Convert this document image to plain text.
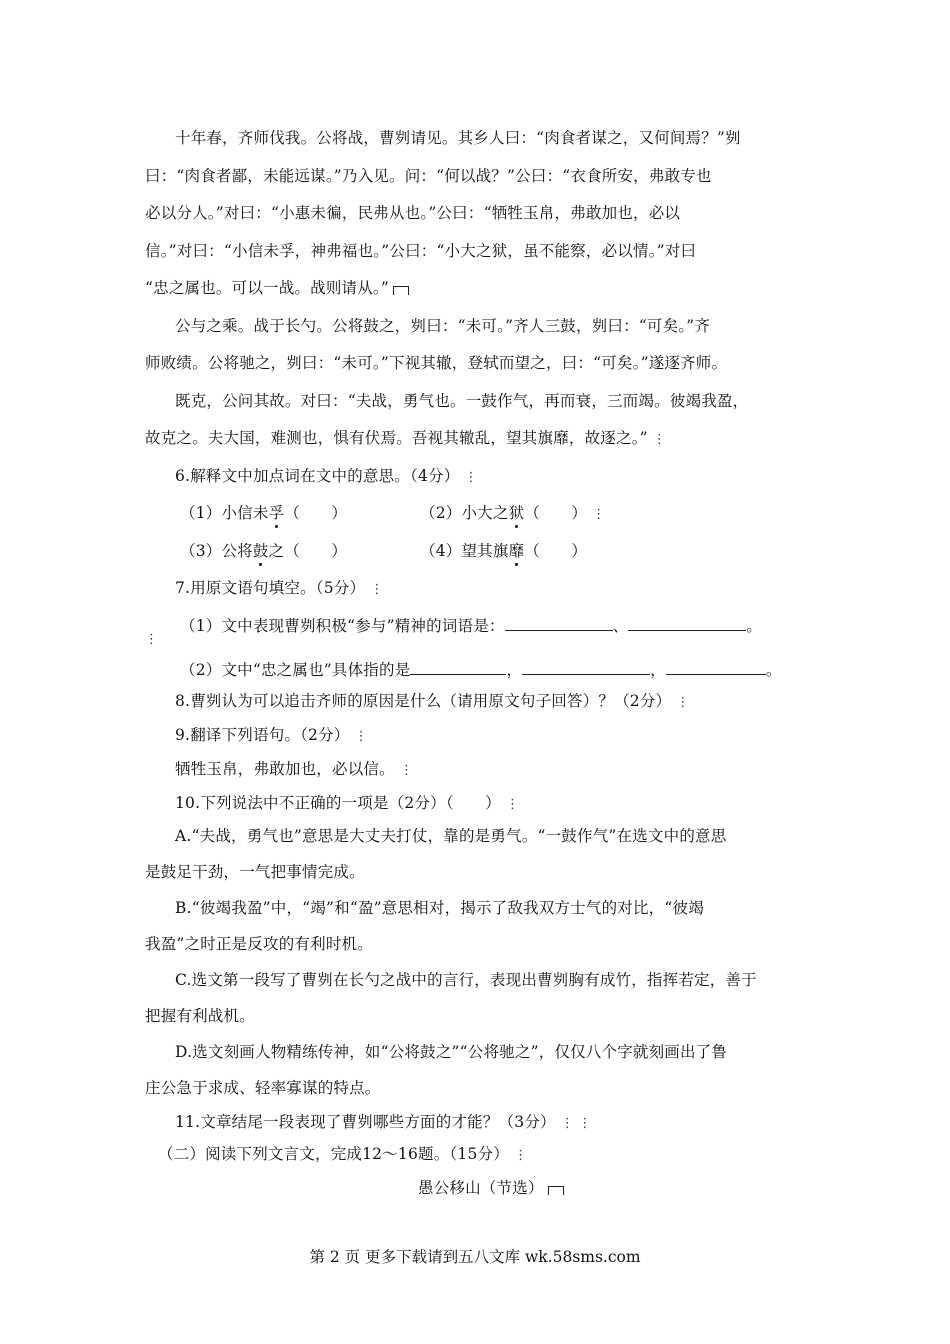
十年春，齐师伐我。公将战，曹刿请见。其乡人曰：“肉食者谋之，又何间焉？”刿
曰：“肉食者鄙，未能远谋。”乃入见。问：“何以战？”公曰：“衣食所安，弗敢专也
必以分人。”对曰：“小惠未徧，民弗从也。”公曰：“牺牲玉帛，弗敢加也，必以
信。”对曰：“小信未孚，神弗福也。”公曰：“小大之狱，虽不能察，必以情。”对曰
“忠之属也。可以一战。战则请从。”
公与之乘。战于长勺。公将鼓之，刿曰：“未可。”齐人三鼓，刿曰：“可矣。”齐
师败绩。公将驰之，刿曰：“未可。”下视其辙，登轼而望之，曰：“可矣。”遂逐齐师。
既克，公问其故。对曰：“夫战，勇气也。一鼓作气，再而衰，三而竭。彼竭我盈，
故克之。夫大国，难测也，惧有伏焉。吾视其辙乱，望其旗靡，故逐之。” ⋮
6.解释文中加点词在文中的意思。（4分） ⋮
（1）小信未孚（　　）	（2）小大之狱（　　） ⋮
（3）公将鼓之（　　）	（4）望其旗靡（　　）
7.用原文语句填空。（5分） ⋮
（1）文中表现曹刿积极“参与”精神的词语是：	、	。
⋮
（2）文中“忠之属也”具体指的是	，	，	。
8.曹刿认为可以追击齐师的原因是什么（请用原文句子回答）？（2分） ⋮
9.翻译下列语句。（2分） ⋮
牺牲玉帛，弗敢加也，必以信。 ⋮
10.下列说法中不正确的一项是（2分）（　　） ⋮
A.“夫战，勇气也”意思是大丈夫打仗，靠的是勇气。“一鼓作气”在选文中的意思
是鼓足干劲，一气把事情完成。
B.“彼竭我盈”中，“竭”和“盈”意思相对，揭示了敌我双方士气的对比，“彼竭
我盈”之时正是反攻的有利时机。
C.选文第一段写了曹刿在长勺之战中的言行，表现出曹刿胸有成竹，指挥若定，善于
把握有利战机。
D.选文刻画人物精练传神，如“公将鼓之”“公将驰之”，仅仅八个字就刻画出了鲁
庄公急于求成、轻率寡谋的特点。
11.文章结尾一段表现了曹刿哪些方面的才能？（3分） ⋮ ⋮
（二）阅读下列文言文，完成12～16题。（15分） ⋮
愚公移山（节选）
第 2 页 更多下载请到五八文库 wk.58sms.com
